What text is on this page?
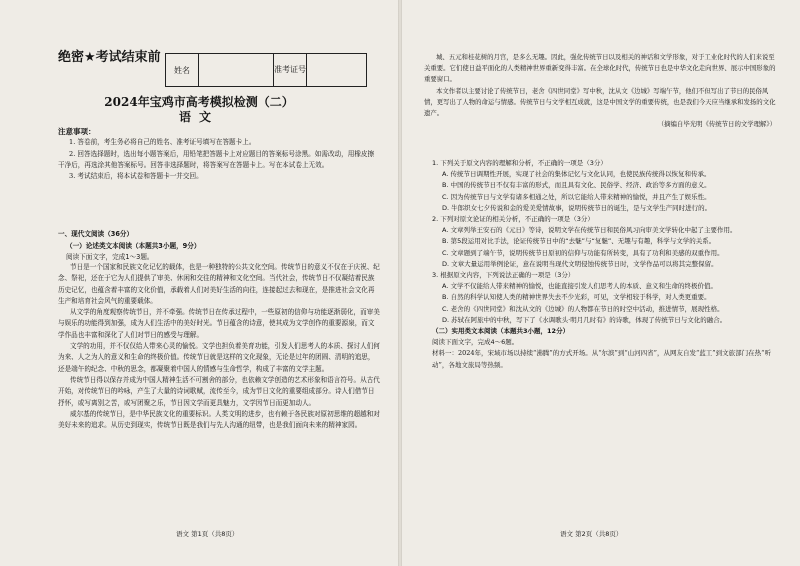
绝密★考试结束前
姓名	准考证号
2024年宝鸡市高考模拟检测（二）
语文
注意事项：

1. 答卷前，考生务必将自己的姓名、准考证号填写在答题卡上。

2. 回答选择题时，选出每小题答案后，用铅笔把答题卡上对应题目的答案标号涂黑。如需改动，用橡皮擦干净后，再选涂其他答案标号。回答非选择题时，将答案写在答题卡上。写在本试卷上无效。

3. 考试结束后，将本试卷和答题卡一并交回。

一、现代文阅读（36分）
（一）论述类文本阅读（本题共3小题，9分）
阅读下面文字，完成1～3题。

节日是一个国家和民族文化记忆的载体，也是一种独特的公共文化空间。传统节日的意义不仅在于庆祝、纪念、祭祀，还在于它为人们提供了审美、休闲和交往的精神和文化空间。当代社会，传统节日不仅凝结着民族历史记忆，也蕴含着丰富的文化价值，承载着人们对美好生活的向往，连接起过去和现在，是推进社会文化再生产和培育社会风气的重要载体。

从文学的角度观察传统节日，并不牵强。传统节日在传承过程中，一些原初的信仰与功能逐渐弱化，而审美与娱乐的功能得到加强，成为人们生活中的美好时光。节日蕴含的诗意，使其成为文学创作的重要源泉，而文学作品也丰富和深化了人们对节日的感受与理解。

文学的功用，并不仅仅给人带来心灵的愉悦。文学也担负着美育功能，引发人们思考人的本质、探讨人们何为来、人之为人的意义和生命的终极价值。传统节日就是这样的文化现象，无论是过年的团圆、清明的追思，还是端午的纪念、中秋的思念，都凝聚着中国人的情感与生命哲学，构成了丰富的文学主题。

传统节日得以保存并成为中国人精神生活不可割舍的部分，也依赖文学创造的艺术形象和语言符号。从古代开始，对传统节日的吟咏，产生了大量的诗词歌赋，流传至今，成为节日文化的重要组成部分。诗人们借节日抒怀，或写离别之苦，或写团聚之乐，节日因文学而更具魅力，文学因节日而更加动人。

威尔基的传统节日，是中华民族文化的重要标识。人类文明的进步，也有赖于各民族对原初思维的超越和对美好未来的追求。从历史到现实，传统节日既是我们与先人沟通的纽带，也是我们面向未来的精神家园。

语文 第1页（共8页）

城、五元和桂花树的月宫，是多么无趣。因此，强化传统节日以及相关的神话和文学形象，对于工业化时代的人们来说至关重要。它们使日益平面化的人类精神世界重新变得丰富。在全球化时代，传统节日也是中华文化走向世界、展示中国形象的重要窗口。

本文作者以主要讨论了传统节日，老舍《四世同堂》写中秋，沈从文《边城》写端午节，他们不但写出了节日的民俗风情，更写出了人物的命运与情感。传统节日与文学相互成就，这是中国文学的重要传统，也是我们今天应当继承和发扬的文化遗产。

（摘编自毕光明《传统节日的文学理解》）

1. 下列关于原文内容的理解和分析，不正确的一项是（3分）

A. 传统节日调期性开展，实现了社会的集体记忆与文化认同，也使民族传统得以恢复和传承。

B. 中国的传统节日不仅有丰富的形式，而且具有文化、民俗学、经济、政治等多方面的意义。

C. 因为传统节日与文学有诸多相通之处，所以它能给人带来精神的愉悦，并且产生了娱乐性。

D. 牛郎织女七夕传说和金的爱美爱情故事，说明传统节日的诞生，是与文学生产同时进行的。

2. 下列对原文论证的相关分析，不正确的一项是（3分）

A. 文章列举王安石的《元日》等诗，说明文学在传统节日和民俗风习向审美文学转化中起了主要作用。

B. 第5段运用对比手法，论证传统节日中的“去魅”与“复魅”、无趣与有趣，科学与文学的关系。

C. 文章题到了端午节，说明传统节日原初的信仰与功能有所转变，具有了功利和美感的双重作用。

D. 文章大量运用举例论证，意在说明当现代文明侵蚀传统节日时，文学作品可以将其完整保留。

3. 根据原文内容，下列说法正确的一项是（3分）

A. 文学不仅能给人带来精神的愉悦，也能直接引发人们思考人的本质、意义和生命的终极价值。

B. 自然的科学认知使人类的精神世界失去不少光彩，可见，文学相较于科学，对人类更重要。

C. 老舍的《四世同堂》和沈从文的《边城》的人物都在节日的时空中活动，推进情节，展现性格。

D. 苏轼在阿旅中的中秋，写下了《水调歌头·明月几时有》的诗歌，体现了传统节日与文化的融合。

（二）实用类文本阅读（本题共3小题，12分）

阅读下面文字，完成4～6题。

材料一：2024年，宋域市场以持续“沸腾”的方式开场。从“尔滨”到“山河四省”，从网友自发“蓝工”到文旅部门在热“听动”，各地文旅局等热频。

语文 第2页（共8页）
